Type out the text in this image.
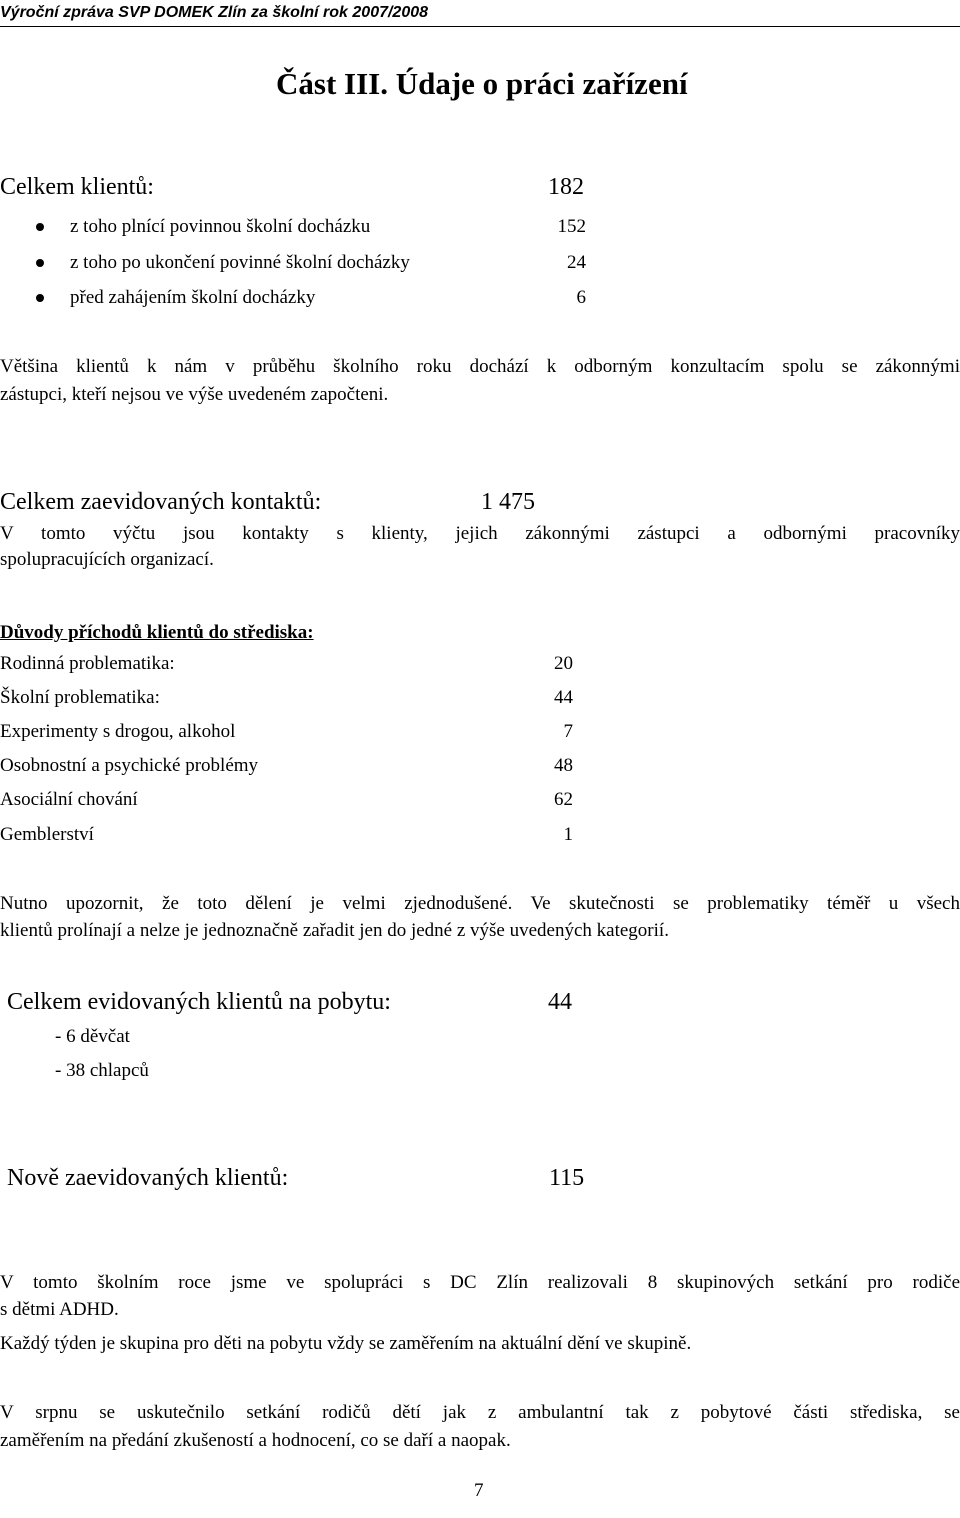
Výroční zpráva SVP DOMEK Zlín za školní rok 2007/2008
Část III. Údaje o práci zařízení
Celkem klientů:	182
z toho plnící povinnou školní docházku	152
z toho po ukončení povinné školní docházky	24
před zahájením školní docházky	6
Většina klientů k nám v průběhu školního roku dochází k odborným konzultacím spolu se zákonnými
zástupci, kteří nejsou ve výše uvedeném započteni.
Celkem zaevidovaných kontaktů:	1 475
V tomto výčtu jsou kontakty s klienty, jejich zákonnými zástupci a odbornými pracovníky
spolupracujících organizací.
Důvody příchodů klientů do střediska:
Rodinná problematika:	20
Školní problematika:	44
Experimenty s drogou, alkohol	7
Osobnostní a psychické problémy	48
Asociální chování	62
Gemblerství	1
Nutno upozornit, že toto dělení je velmi zjednodušené. Ve skutečnosti se problematiky téměř u všech
klientů prolínají a nelze je jednoznačně zařadit jen do jedné z výše uvedených kategorií.
Celkem evidovaných klientů na pobytu:	44
- 6 děvčat
- 38 chlapců
Nově zaevidovaných klientů:	115
V tomto školním roce jsme ve spolupráci s DC Zlín realizovali 8 skupinových setkání pro rodiče
s dětmi ADHD.
Každý týden je skupina pro děti na pobytu vždy se zaměřením na aktuální dění ve skupině.
V srpnu se uskutečnilo setkání rodičů dětí jak z ambulantní tak z pobytové části střediska, se
zaměřením na předání zkušeností a hodnocení, co se daří a naopak.
7
